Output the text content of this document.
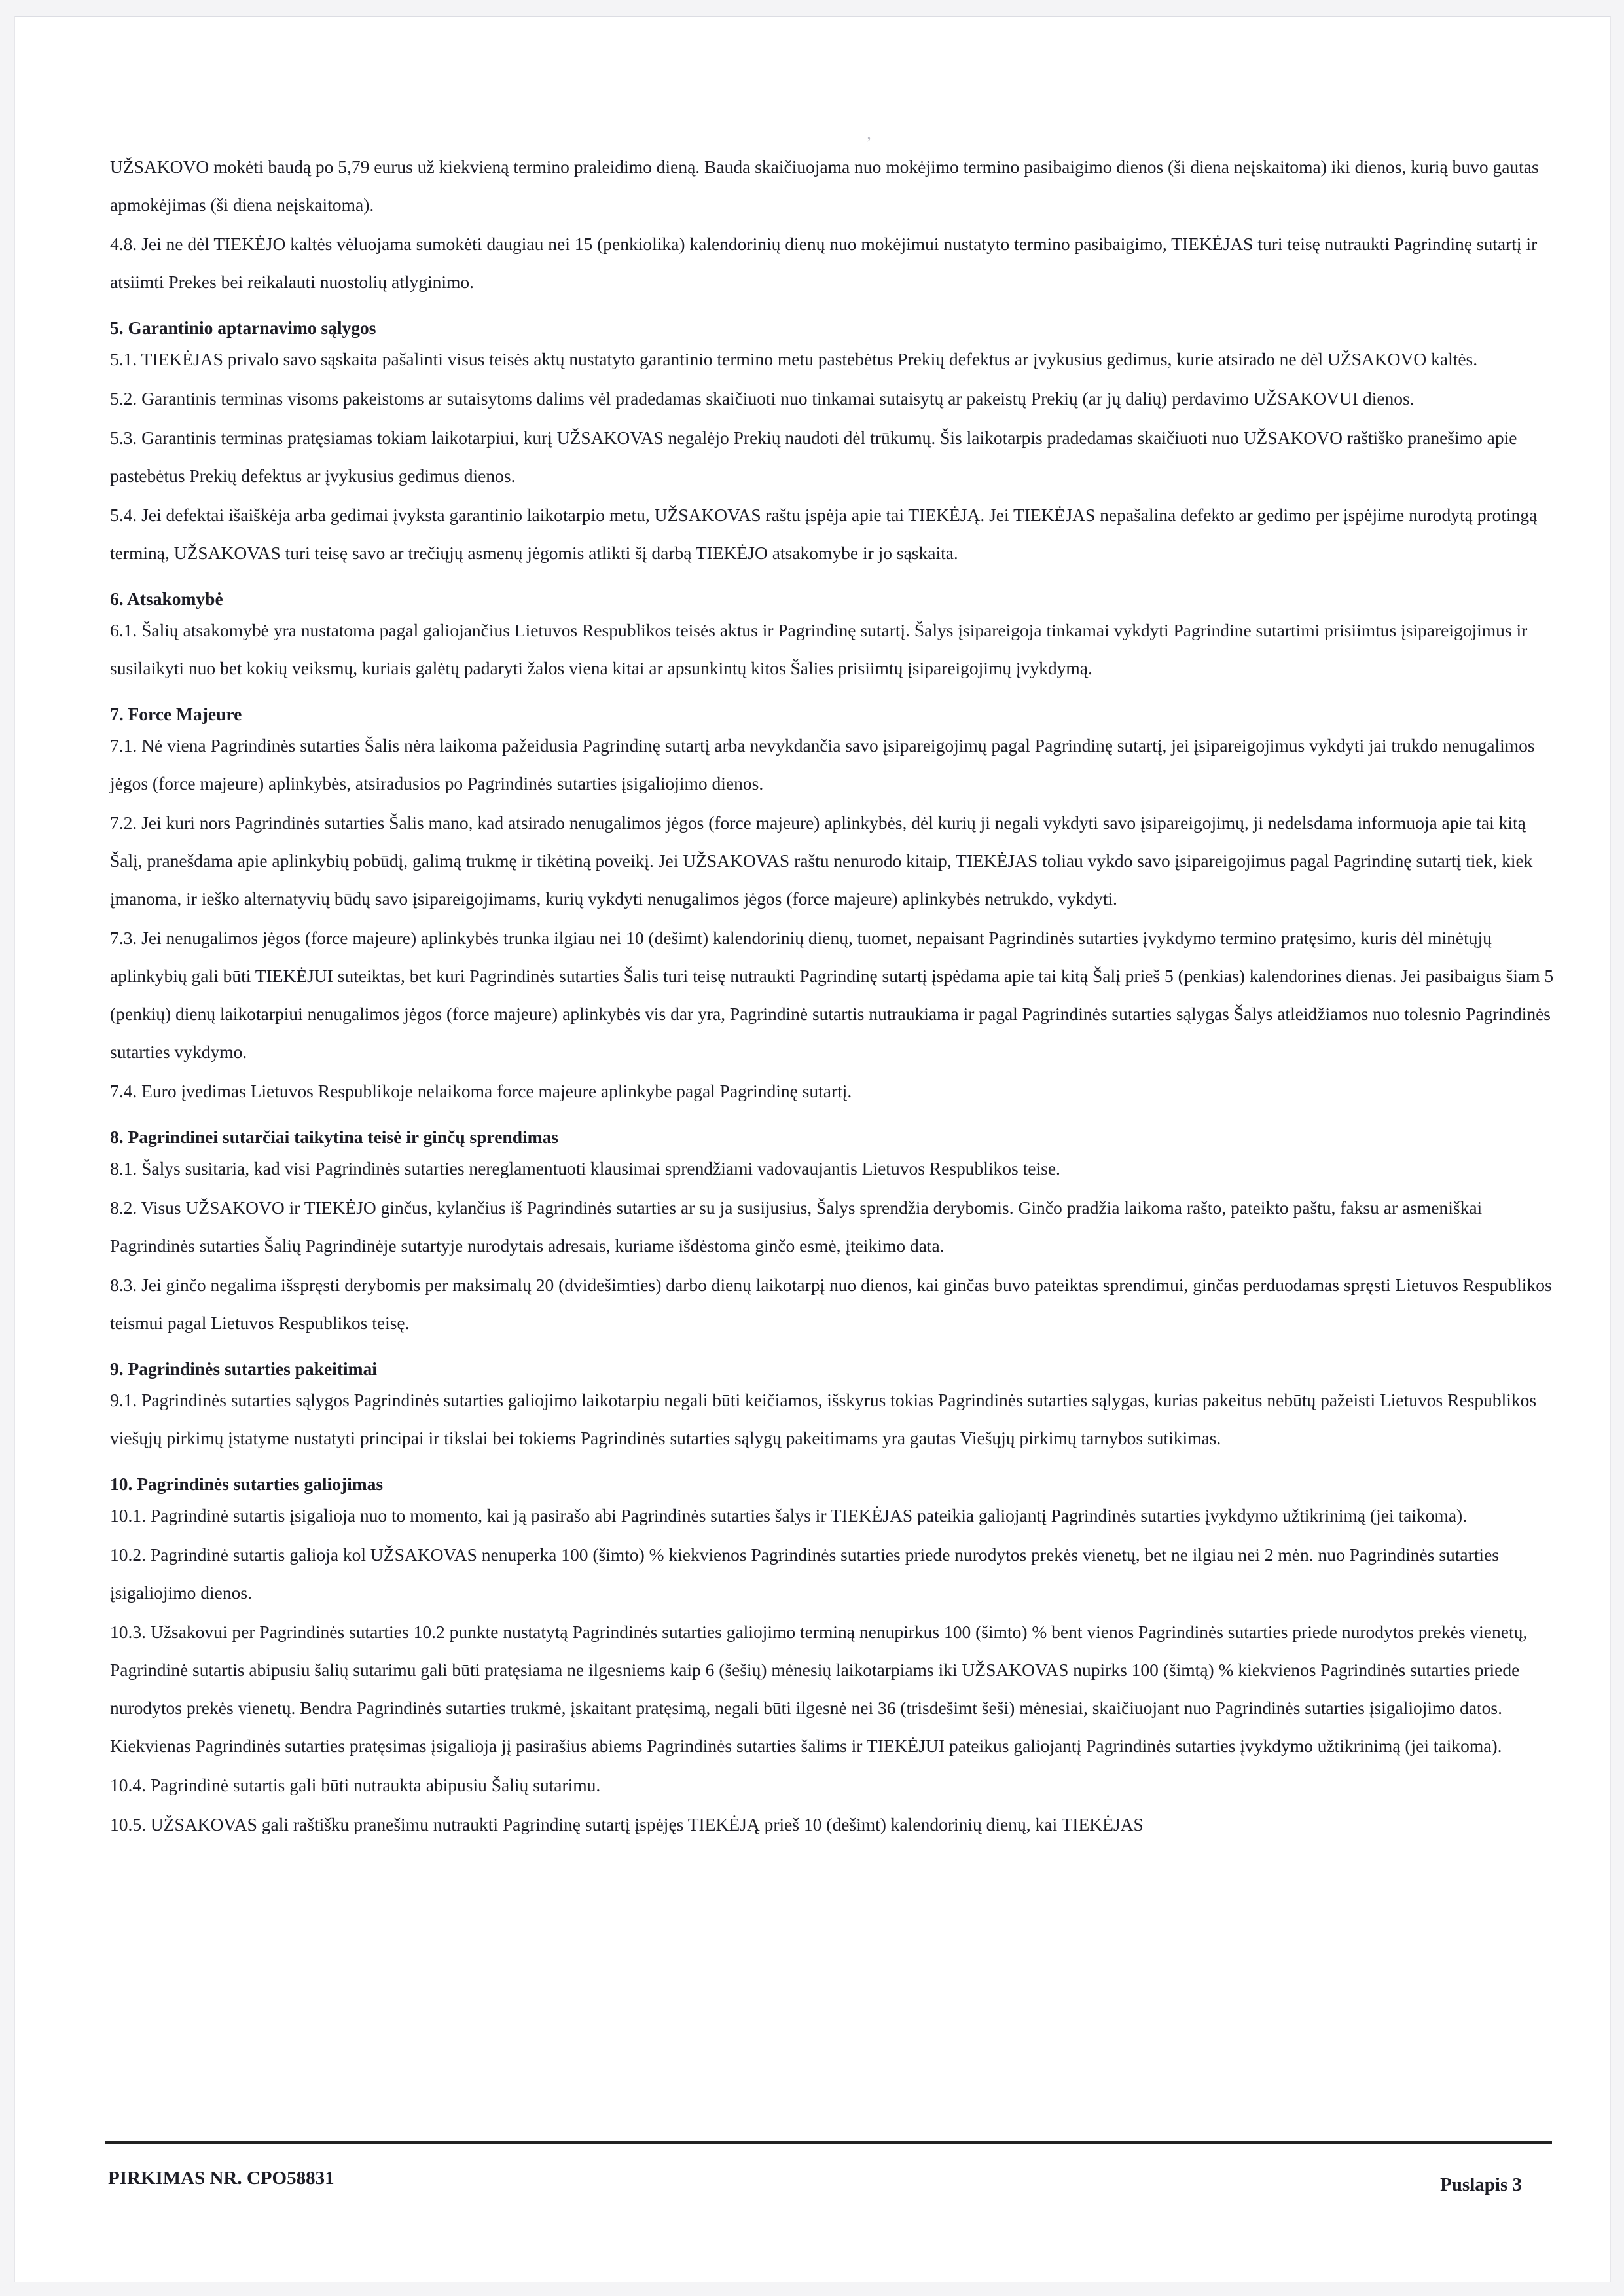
ʼ

UŽSAKOVO mokėti baudą po 5,79 eurus už kiekvieną termino praleidimo dieną. Bauda skaičiuojama nuo mokėjimo termino pasibaigimo dienos (ši diena neįskaitoma) iki dienos, kurią buvo gautas apmokėjimas (ši diena neįskaitoma).

4.8. Jei ne dėl TIEKĖJO kaltės vėluojama sumokėti daugiau nei 15 (penkiolika) kalendorinių dienų nuo mokėjimui nustatyto termino pasibaigimo, TIEKĖJAS turi teisę nutraukti Pagrindinę sutartį ir atsiimti Prekes bei reikalauti nuostolių atlyginimo.

5. Garantinio aptarnavimo sąlygos

5.1. TIEKĖJAS privalo savo sąskaita pašalinti visus teisės aktų nustatyto garantinio termino metu pastebėtus Prekių defektus ar įvykusius gedimus, kurie atsirado ne dėl UŽSAKOVO kaltės.

5.2. Garantinis terminas visoms pakeistoms ar sutaisytoms dalims vėl pradedamas skaičiuoti nuo tinkamai sutaisytų ar pakeistų Prekių (ar jų dalių) perdavimo UŽSAKOVUI dienos.

5.3. Garantinis terminas pratęsiamas tokiam laikotarpiui, kurį UŽSAKOVAS negalėjo Prekių naudoti dėl trūkumų. Šis laikotarpis pradedamas skaičiuoti nuo UŽSAKOVO raštiško pranešimo apie pastebėtus Prekių defektus ar įvykusius gedimus dienos.

5.4. Jei defektai išaiškėja arba gedimai įvyksta garantinio laikotarpio metu, UŽSAKOVAS raštu įspėja apie tai TIEKĖJĄ. Jei TIEKĖJAS nepašalina defekto ar gedimo per įspėjime nurodytą protingą terminą, UŽSAKOVAS turi teisę savo ar trečiųjų asmenų jėgomis atlikti šį darbą TIEKĖJO atsakomybe ir jo sąskaita.

6. Atsakomybė

6.1. Šalių atsakomybė yra nustatoma pagal galiojančius Lietuvos Respublikos teisės aktus ir Pagrindinę sutartį. Šalys įsipareigoja tinkamai vykdyti Pagrindine sutartimi prisiimtus įsipareigojimus ir susilaikyti nuo bet kokių veiksmų, kuriais galėtų padaryti žalos viena kitai ar apsunkintų kitos Šalies prisiimtų įsipareigojimų įvykdymą.

7. Force Majeure

7.1. Nė viena Pagrindinės sutarties Šalis nėra laikoma pažeidusia Pagrindinę sutartį arba nevykdančia savo įsipareigojimų pagal Pagrindinę sutartį, jei įsipareigojimus vykdyti jai trukdo nenugalimos jėgos (force majeure) aplinkybės, atsiradusios po Pagrindinės sutarties įsigaliojimo dienos.

7.2. Jei kuri nors Pagrindinės sutarties Šalis mano, kad atsirado nenugalimos jėgos (force majeure) aplinkybės, dėl kurių ji negali vykdyti savo įsipareigojimų, ji nedelsdama informuoja apie tai kitą Šalį, pranešdama apie aplinkybių pobūdį, galimą trukmę ir tikėtiną poveikį. Jei UŽSAKOVAS raštu nenurodo kitaip, TIEKĖJAS toliau vykdo savo įsipareigojimus pagal Pagrindinę sutartį tiek, kiek įmanoma, ir ieško alternatyvių būdų savo įsipareigojimams, kurių vykdyti nenugalimos jėgos (force majeure) aplinkybės netrukdo, vykdyti.

7.3. Jei nenugalimos jėgos (force majeure) aplinkybės trunka ilgiau nei 10 (dešimt) kalendorinių dienų, tuomet, nepaisant Pagrindinės sutarties įvykdymo termino pratęsimo, kuris dėl minėtųjų aplinkybių gali būti TIEKĖJUI suteiktas, bet kuri Pagrindinės sutarties Šalis turi teisę nutraukti Pagrindinę sutartį įspėdama apie tai kitą Šalį prieš 5 (penkias) kalendorines dienas. Jei pasibaigus šiam 5 (penkių) dienų laikotarpiui nenugalimos jėgos (force majeure) aplinkybės vis dar yra, Pagrindinė sutartis nutraukiama ir pagal Pagrindinės sutarties sąlygas Šalys atleidžiamos nuo tolesnio Pagrindinės sutarties vykdymo.

7.4. Euro įvedimas Lietuvos Respublikoje nelaikoma force majeure aplinkybe pagal Pagrindinę sutartį.

8. Pagrindinei sutarčiai taikytina teisė ir ginčų sprendimas

8.1. Šalys susitaria, kad visi Pagrindinės sutarties nereglamentuoti klausimai sprendžiami vadovaujantis Lietuvos Respublikos teise.

8.2. Visus UŽSAKOVO ir TIEKĖJO ginčus, kylančius iš Pagrindinės sutarties ar su ja susijusius, Šalys sprendžia derybomis. Ginčo pradžia laikoma rašto, pateikto paštu, faksu ar asmeniškai Pagrindinės sutarties Šalių Pagrindinėje sutartyje nurodytais adresais, kuriame išdėstoma ginčo esmė, įteikimo data.

8.3. Jei ginčo negalima išspręsti derybomis per maksimalų 20 (dvidešimties) darbo dienų laikotarpį nuo dienos, kai ginčas buvo pateiktas sprendimui, ginčas perduodamas spręsti Lietuvos Respublikos teismui pagal Lietuvos Respublikos teisę.

9. Pagrindinės sutarties pakeitimai

9.1. Pagrindinės sutarties sąlygos Pagrindinės sutarties galiojimo laikotarpiu negali būti keičiamos, išskyrus tokias Pagrindinės sutarties sąlygas, kurias pakeitus nebūtų pažeisti Lietuvos Respublikos viešųjų pirkimų įstatyme nustatyti principai ir tikslai bei tokiems Pagrindinės sutarties sąlygų pakeitimams yra gautas Viešųjų pirkimų tarnybos sutikimas.

10. Pagrindinės sutarties galiojimas

10.1. Pagrindinė sutartis įsigalioja nuo to momento, kai ją pasirašo abi Pagrindinės sutarties šalys ir TIEKĖJAS pateikia galiojantį Pagrindinės sutarties įvykdymo užtikrinimą (jei taikoma).

10.2. Pagrindinė sutartis galioja kol UŽSAKOVAS nenuperka 100 (šimto) % kiekvienos Pagrindinės sutarties priede nurodytos prekės vienetų, bet ne ilgiau nei 2 mėn. nuo Pagrindinės sutarties įsigaliojimo dienos.

10.3. Užsakovui per Pagrindinės sutarties 10.2 punkte nustatytą Pagrindinės sutarties galiojimo terminą nenupirkus 100 (šimto) % bent vienos Pagrindinės sutarties priede nurodytos prekės vienetų, Pagrindinė sutartis abipusiu šalių sutarimu gali būti pratęsiama ne ilgesniems kaip 6 (šešių) mėnesių laikotarpiams iki UŽSAKOVAS nupirks 100 (šimtą) % kiekvienos Pagrindinės sutarties priede nurodytos prekės vienetų. Bendra Pagrindinės sutarties trukmė, įskaitant pratęsimą, negali būti ilgesnė nei 36 (trisdešimt šeši) mėnesiai, skaičiuojant nuo Pagrindinės sutarties įsigaliojimo datos. Kiekvienas Pagrindinės sutarties pratęsimas įsigalioja jį pasirašius abiems Pagrindinės sutarties šalims ir TIEKĖJUI pateikus galiojantį Pagrindinės sutarties įvykdymo užtikrinimą (jei taikoma).

10.4. Pagrindinė sutartis gali būti nutraukta abipusiu Šalių sutarimu.

10.5. UŽSAKOVAS gali raštišku pranešimu nutraukti Pagrindinę sutartį įspėjęs TIEKĖJĄ prieš 10 (dešimt) kalendorinių dienų, kai TIEKĖJAS

PIRKIMAS NR. CPO58831	Puslapis 3
